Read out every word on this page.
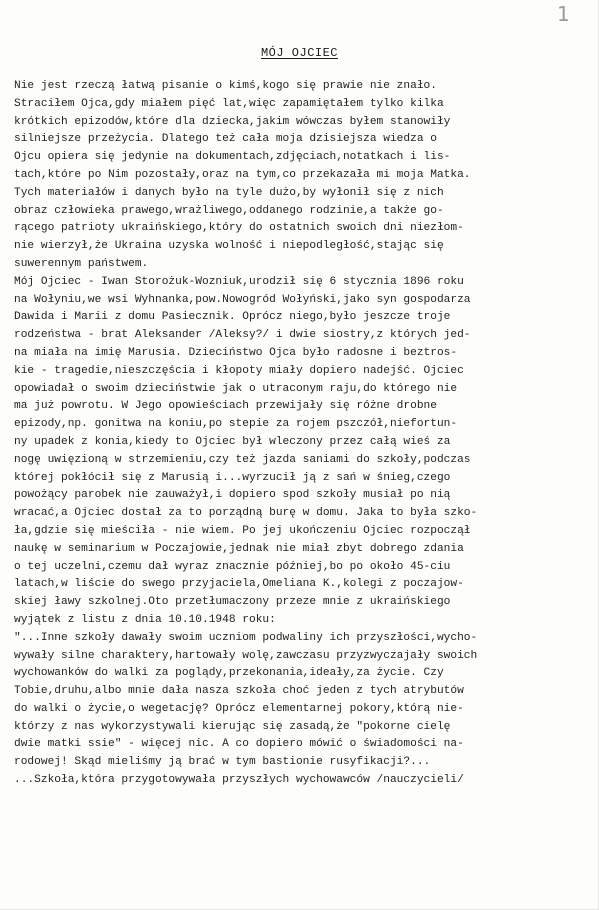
1
MÓJ OJCIEC
Nie jest rzeczą łatwą pisanie o kimś,kogo się prawie nie znało.
Straciłem Ojca,gdy miałem pięć lat,więc zapamiętałem tylko kilka
krótkich epizodów,które dla dziecka,jakim wówczas byłem stanowiły
silniejsze przeżycia. Dlatego też cała moja dzisiejsza wiedza o
Ojcu opiera się jedynie na dokumentach,zdjęciach,notatkach i lis-
tach,które po Nim pozostały,oraz na tym,co przekazała mi moja Matka.
Tych materiałów i danych było na tyle dużo,by wyłonił się z nich
obraz człowieka prawego,wrażliwego,oddanego rodzinie,a także go-
rącego patrioty ukraińskiego,który do ostatnich swoich dni niezłom-
nie wierzył,że Ukraina uzyska wolność i niepodległość,stając się
suwerennym państwem.
Mój Ojciec - Iwan Storożuk-Wozniuk,urodził się 6 stycznia 1896 roku
na Wołyniu,we wsi Wyhnanka,pow.Nowogród Wołyński,jako syn gospodarza
Dawida i Marii z domu Pasiecznik. Oprócz niego,było jeszcze troje
rodzeństwa - brat Aleksander /Aleksy?/ i dwie siostry,z których jed-
na miała na imię Marusia. Dzieciństwo Ojca było radosne i beztros-
kie - tragedie,nieszczęścia i kłopoty miały dopiero nadejść. Ojciec
opowiadał o swoim dzieciństwie jak o utraconym raju,do którego nie
ma już powrotu. W Jego opowieściach przewijały się różne drobne
epizody,np. gonitwa na koniu,po stepie za rojem pszczół,niefortun-
ny upadek z konia,kiedy to Ojciec był wleczony przez całą wieś za
nogę uwięzioną w strzemieniu,czy też jazda saniami do szkoły,podczas
której pokłócił się z Marusią i...wyrzucił ją z sań w śnieg,czego
powożący parobek nie zauważył,i dopiero spod szkoły musiał po nią
wracać,a Ojciec dostał za to porządną burę w domu. Jaka to była szko-
ła,gdzie się mieściła - nie wiem. Po jej ukończeniu Ojciec rozpoczął
naukę w seminarium w Poczajowie,jednak nie miał zbyt dobrego zdania
o tej uczelni,czemu dał wyraz znacznie później,bo po około 45-ciu
latach,w liście do swego przyjaciela,Omeliana K.,kolegi z poczajow-
skiej ławy szkolnej.Oto przetłumaczony przeze mnie z ukraińskiego
wyjątek z listu z dnia 10.10.1948 roku:
"...Inne szkoły dawały swoim uczniom podwaliny ich przyszłości,wycho-
wywały silne charaktery,hartowały wolę,zawczasu przyzwyczajały swoich
wychowanków do walki za poglądy,przekonania,ideały,za życie. Czy
Tobie,druhu,albo mnie dała nasza szkoła choć jeden z tych atrybutów
do walki o życie,o wegetację? Oprócz elementarnej pokory,którą nie-
którzy z nas wykorzystywali kierując się zasadą,że "pokorne cielę
dwie matki ssie" - więcej nic. A co dopiero mówić o świadomości na-
rodowej! Skąd mieliśmy ją brać w tym bastionie rusyfikacji?...
...Szkoła,która przygotowywała przyszłych wychowawców /nauczycieli/
